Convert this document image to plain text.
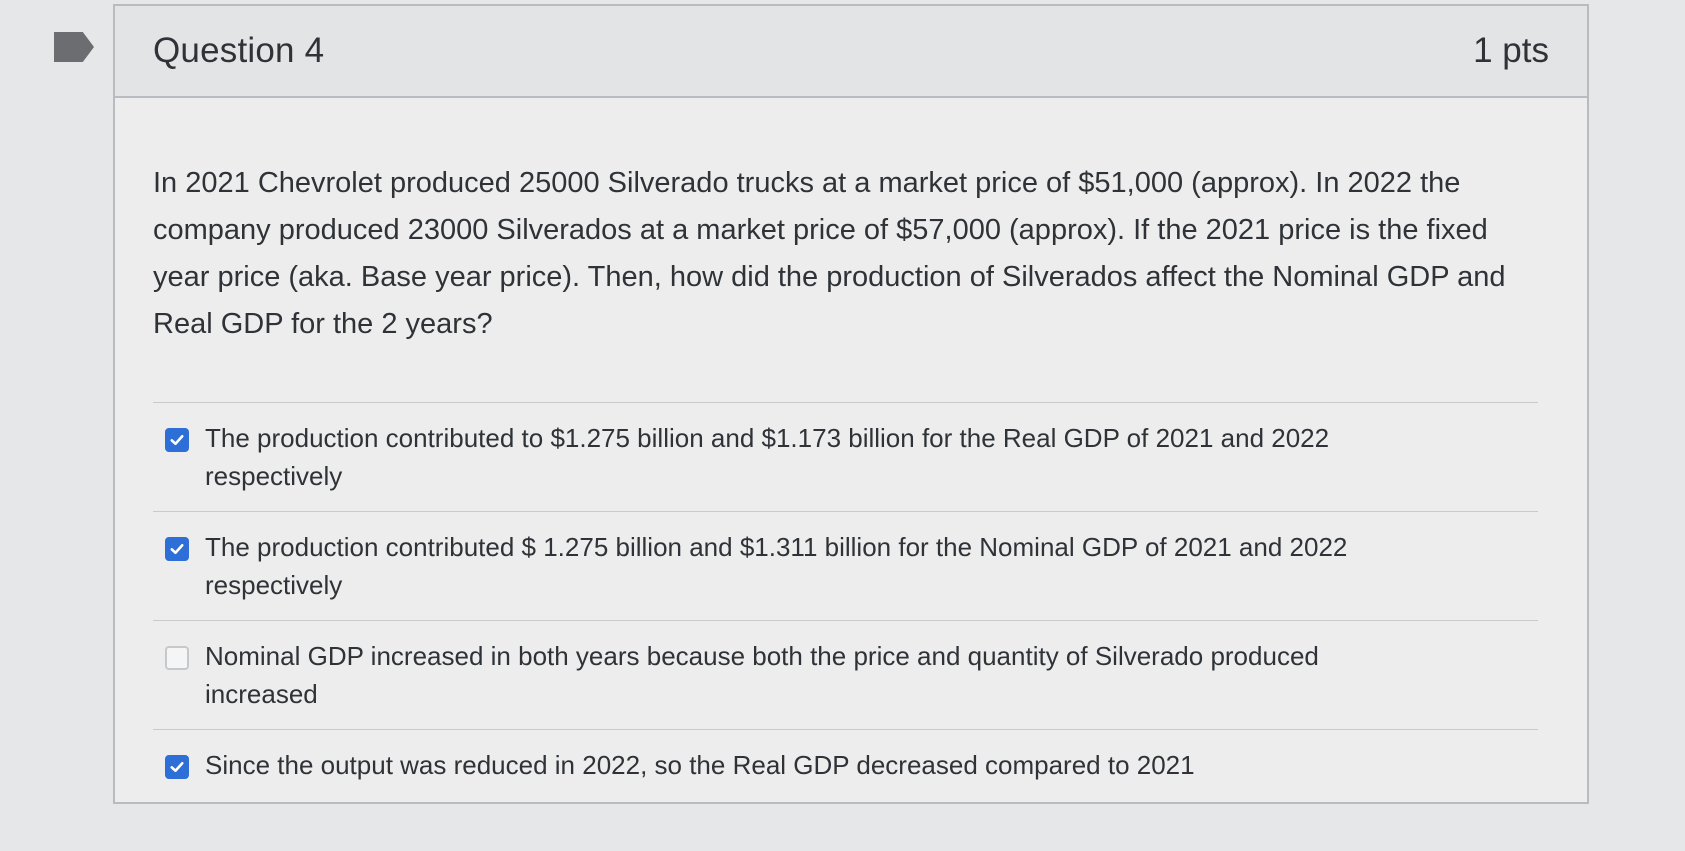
Question 4	1 pts

In 2021 Chevrolet produced 25000 Silverado trucks at a market price of $51,000 (approx). In 2022 the company produced 23000 Silverados at a market price of $57,000 (approx). If the 2021 price is the fixed year price (aka. Base year price). Then, how did the production of Silverados affect the Nominal GDP and Real GDP for the 2 years?

The production contributed to $1.275 billion and $1.173 billion for the Real GDP of 2021 and 2022 respectively
The production contributed $ 1.275 billion and $1.311 billion for the Nominal GDP of 2021 and 2022 respectively
Nominal GDP increased in both years because both the price and quantity of Silverado produced increased
Since the output was reduced in 2022, so the Real GDP decreased compared to 2021
